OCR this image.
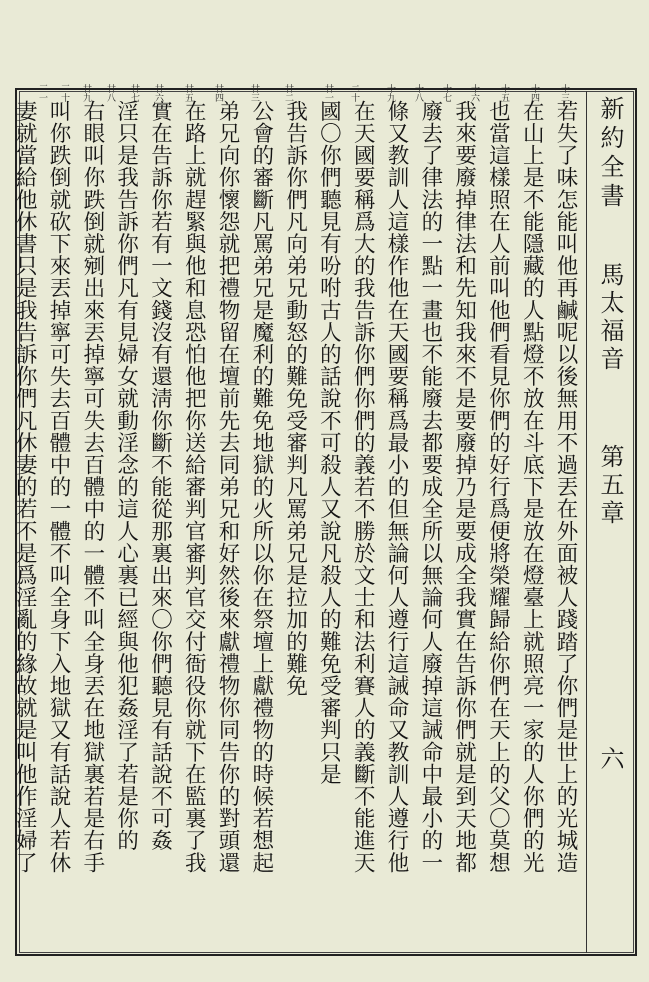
十三
十四
十五
十六
十七
十八
十九
二十
廿一
廿二
廿三
廿四
廿五
廿六
廿七
廿八
廿九
三十
三一
新約全書 馬太福音 第五章
六
若失了味怎能叫他再鹹呢以後無用不過丟在外面被人踐踏了你們是世上的光城造
在山上是不能隱藏的人點燈不放在斗底下是放在燈臺上就照亮一家的人你們的光
也當這樣照在人前叫他們看見你們的好行爲便將榮耀歸給你們在天上的父〇莫想
我來要廢掉律法和先知我來不是要廢掉乃是要成全我實在告訴你們就是到天地都
廢去了律法的一點一畫也不能廢去都要成全所以無論何人廢掉這誡命中最小的一
條又教訓人這樣作他在天國要稱爲最小的但無論何人遵行這誡命又教訓人遵行他
在天國要稱爲大的我告訴你們你們的義若不勝於文士和法利賽人的義斷不能進天
國〇你們聽見有吩咐古人的話說不可殺人又說凡殺人的難免受審判只是
我告訴你們凡向弟兄動怒的難免受審判凡罵弟兄是拉加的難免
公會的審斷凡罵弟兄是魔利的難免地獄的火所以你在祭壇上獻禮物的時候若想起
弟兄向你懷怨就把禮物留在壇前先去同弟兄和好然後來獻禮物你同告你的對頭還
在路上就趕緊與他和息恐怕他把你送給審判官審判官交付衙役你就下在監裏了我
實在告訴你若有一文錢沒有還淸你斷不能從那裏出來〇你們聽見有話說不可姦
淫只是我告訴你們凡有見婦女就動淫念的這人心裏已經與他犯姦淫了若是你的
右眼叫你跌倒就剜出來丟掉寧可失去百體中的一體不叫全身丟在地獄裏若是右手
叫你跌倒就砍下來丟掉寧可失去百體中的一體不叫全身下入地獄又有話說人若休
妻就當給他休書只是我告訴你們凡休妻的若不是爲淫亂的緣故就是叫他作淫婦了
